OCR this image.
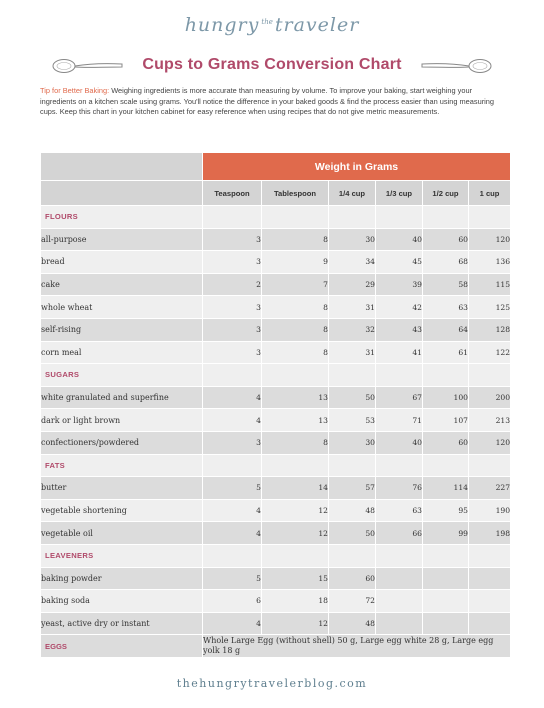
hungry $^{the}$ traveler
Cups to Grams Conversion Chart
Tip for Better Baking: Weighing ingredients is more accurate than measuring by volume. To improve your baking, start weighing your ingredients on a kitchen scale using grams. You'll notice the difference in your baked goods & find the process easier than using measuring cups. Keep this chart in your kitchen cabinet for easy reference when using recipes that do not give metric measurements.
	Weight in Grams					
	Teaspoon	Tablespoon	1/4 cup	1/3 cup	1/2 cup	1 cup
FLOURS						
all-purpose	3	8	30	40	60	120
bread	3	9	34	45	68	136
cake	2	7	29	39	58	115
whole wheat	3	8	31	42	63	125
self-rising	3	8	32	43	64	128
corn meal	3	8	31	41	61	122
SUGARS						
white granulated and superfine	4	13	50	67	100	200
dark or light brown	4	13	53	71	107	213
confectioners/powdered	3	8	30	40	60	120
FATS						
butter	5	14	57	76	114	227
vegetable shortening	4	12	48	63	95	190
vegetable oil	4	12	50	66	99	198
LEAVENERS						
baking powder	5	15	60			
baking soda	6	18	72			
yeast, active dry or instant	4	12	48			
EGGS	Whole Large Egg (without shell) 50 g, Large egg white 28 g, Large egg yolk 18 g					
thehungrytravelerblog.com
